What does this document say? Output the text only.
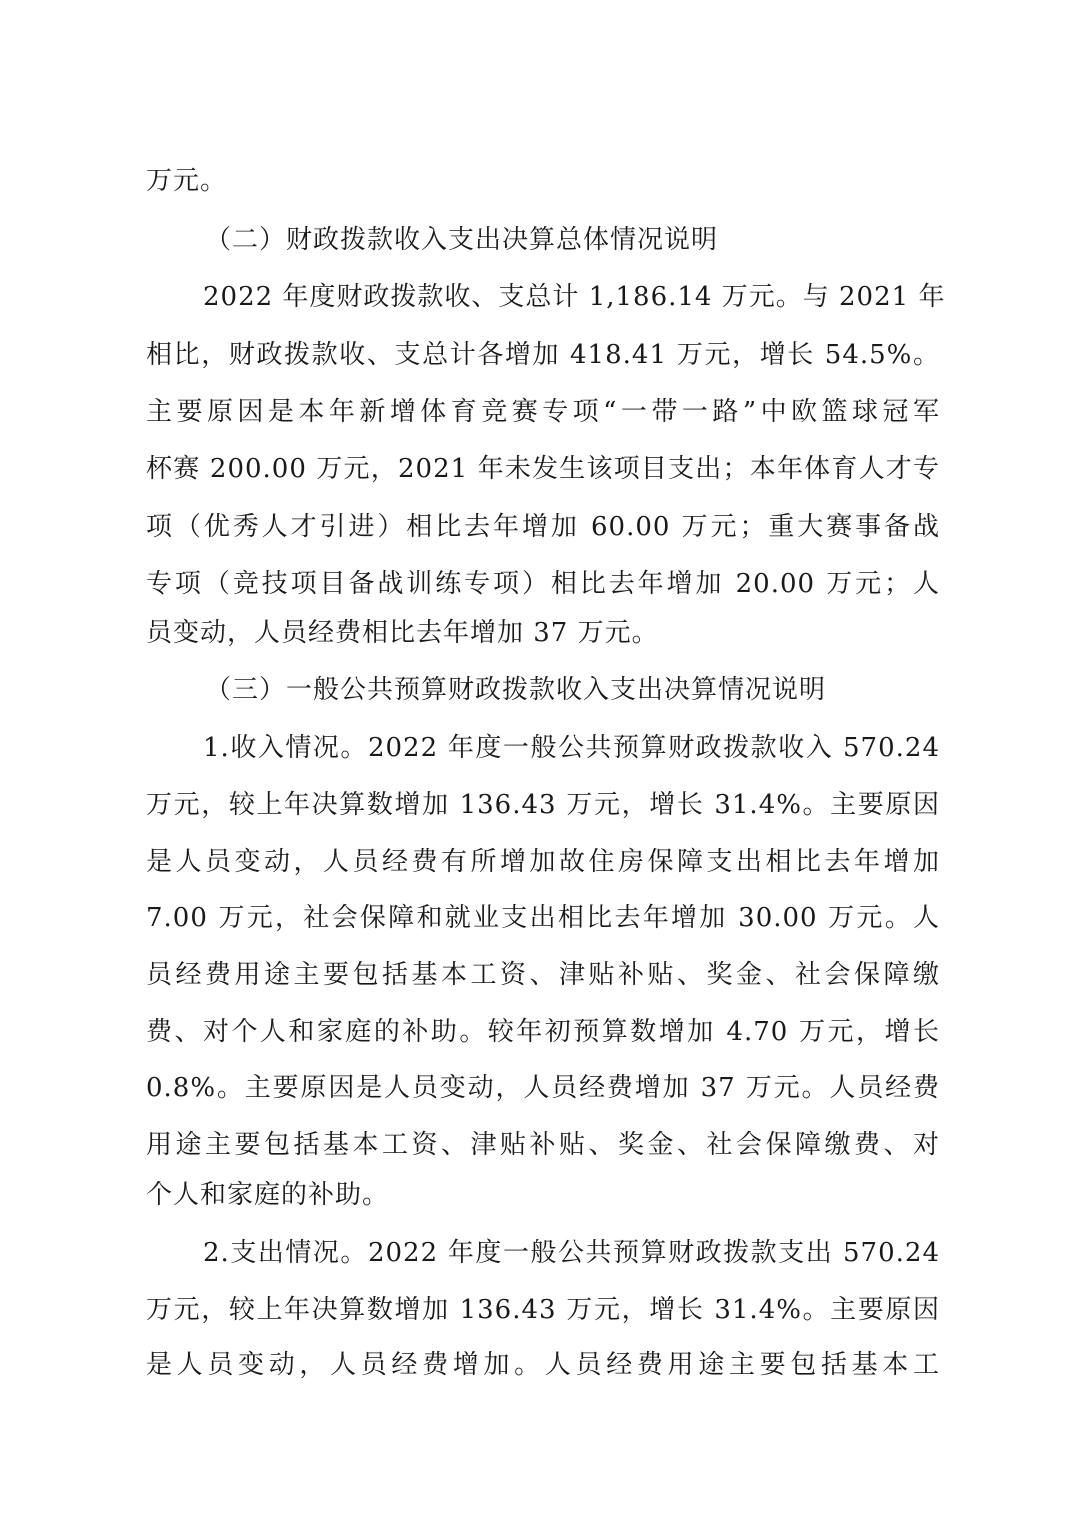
万元。
（二）财政拨款收入支出决算总体情况说明
2022 年度财政拨款收、支总计 1,186.14 万元。与 2021 年
相比，财政拨款收、支总计各增加 418.41 万元，增长 54.5%。
主要原因是本年新增体育竞赛专项“一带一路”中欧篮球冠军
杯赛 200.00 万元，2021 年未发生该项目支出；本年体育人才专
项（优秀人才引进）相比去年增加 60.00 万元；重大赛事备战
专项（竞技项目备战训练专项）相比去年增加 20.00 万元；人
员变动，人员经费相比去年增加 37 万元。
（三）一般公共预算财政拨款收入支出决算情况说明
1.收入情况。2022 年度一般公共预算财政拨款收入 570.24
万元，较上年决算数增加 136.43 万元，增长 31.4%。主要原因
是人员变动，人员经费有所增加故住房保障支出相比去年增加
7.00 万元，社会保障和就业支出相比去年增加 30.00 万元。人
员经费用途主要包括基本工资、津贴补贴、奖金、社会保障缴
费、对个人和家庭的补助。较年初预算数增加 4.70 万元，增长
0.8%。主要原因是人员变动，人员经费增加 37 万元。人员经费
用途主要包括基本工资、津贴补贴、奖金、社会保障缴费、对
个人和家庭的补助。
2.支出情况。2022 年度一般公共预算财政拨款支出 570.24
万元，较上年决算数增加 136.43 万元，增长 31.4%。主要原因
是人员变动，人员经费增加。人员经费用途主要包括基本工
